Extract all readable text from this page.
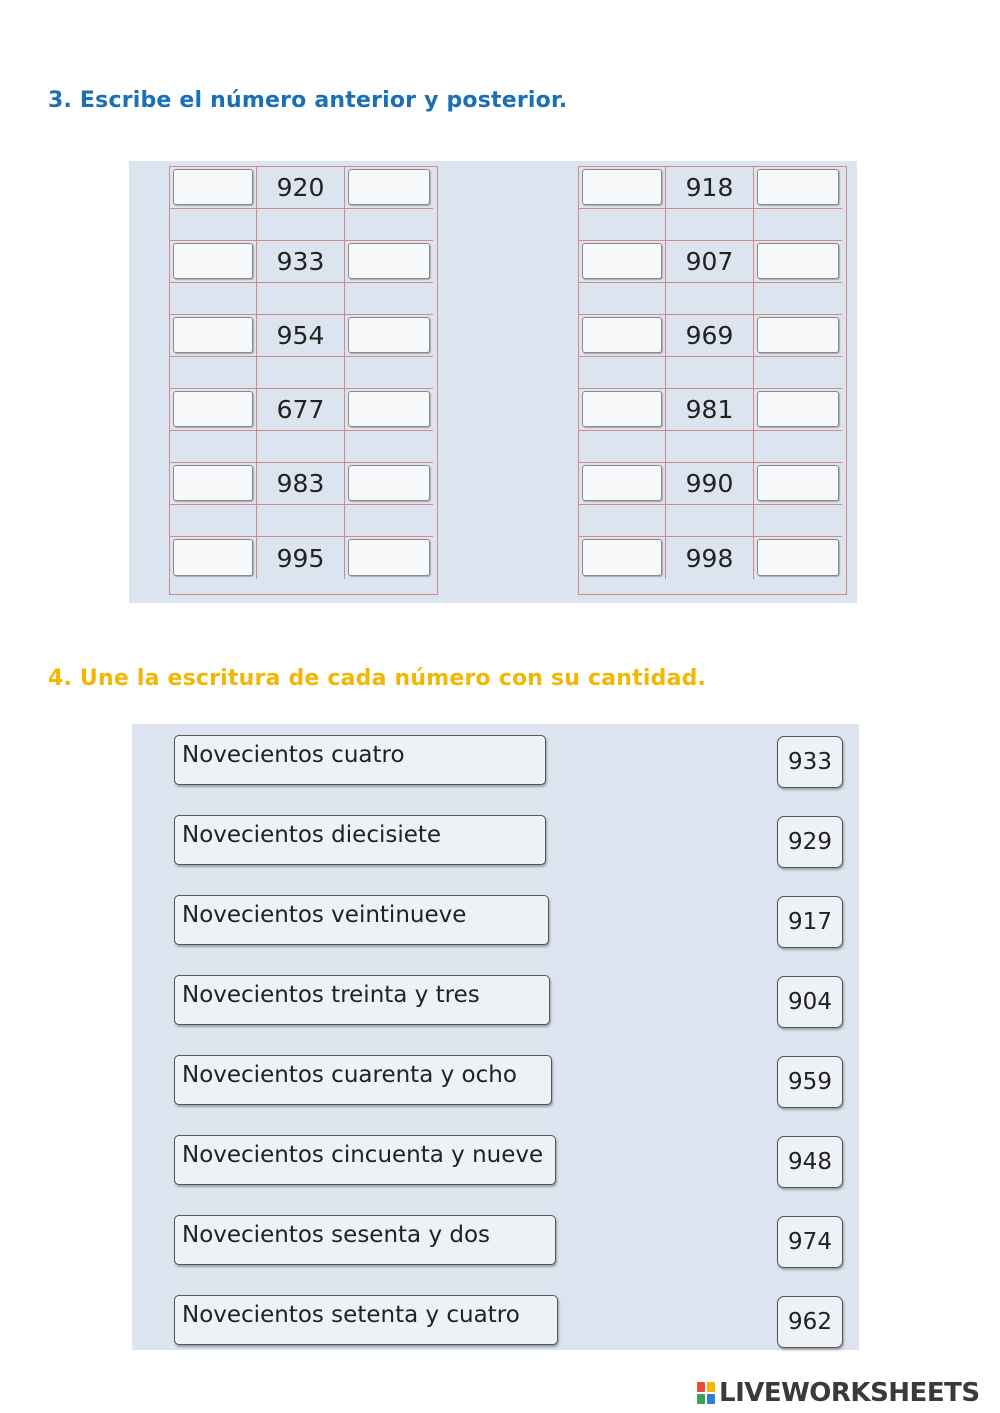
3. Escribe el número anterior y posterior.
920
933
954
677
983
995
918
907
969
981
990
998
4. Une la escritura de cada número con su cantidad.
Novecientos cuatro	933
Novecientos diecisiete	929
Novecientos veintinueve	917
Novecientos treinta y tres	904
Novecientos cuarenta y ocho	959
Novecientos cincuenta y nueve	948
Novecientos sesenta y dos	974
Novecientos setenta y cuatro	962
LIVEWORKSHEETS
